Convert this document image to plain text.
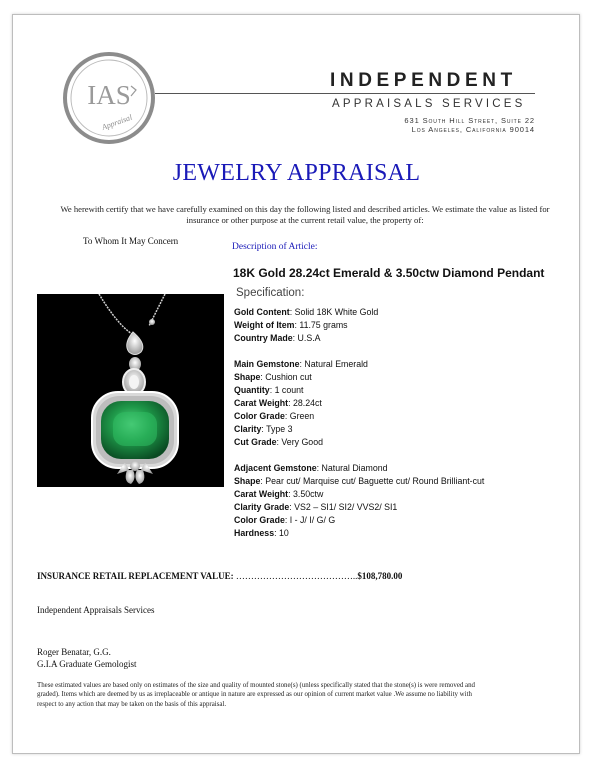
IAS
Appraisal
INDEPENDENT
APPRAISALS SERVICES
631 South Hill Street, Suite 22
Los Angeles, California 90014
JEWELRY APPRAISAL
We herewith certify that we have carefully examined on this day the following listed and described articles. We estimate the value as listed for insurance or other purpose at the current retail value, the property of:
To Whom It May Concern
Description of Article:
18K Gold 28.24ct Emerald & 3.50ctw Diamond Pendant
Specification:
Gold Content: Solid 18K White Gold
Weight of Item: 11.75 grams
Country Made: U.S.A
Main Gemstone: Natural Emerald
Shape: Cushion cut
Quantity: 1 count
Carat Weight: 28.24ct
Color Grade: Green
Clarity: Type 3
Cut Grade: Very Good
Adjacent Gemstone: Natural Diamond
Shape: Pear cut/ Marquise cut/ Baguette cut/ Round Brilliant-cut
Carat Weight: 3.50ctw
Clarity Grade: VS2 – SI1/ SI2/ VVS2/ SI1
Color Grade: I - J/ I/ G/ G
Hardness: 10
INSURANCE RETAIL REPLACEMENT VALUE: …………………………………..$108,780.00
Independent Appraisals Services
Roger Benatar, G.G.
G.I.A Graduate Gemologist
These estimated values are based only on estimates of the size and quality of mounted stone(s) (unless specifically stated that the stone(s) is were removed and graded). Items which are deemed by us as irreplaceable or antique in nature are expressed as our opinion of current market value .We assume no liability with respect to any action that may be taken on the basis of this appraisal.
